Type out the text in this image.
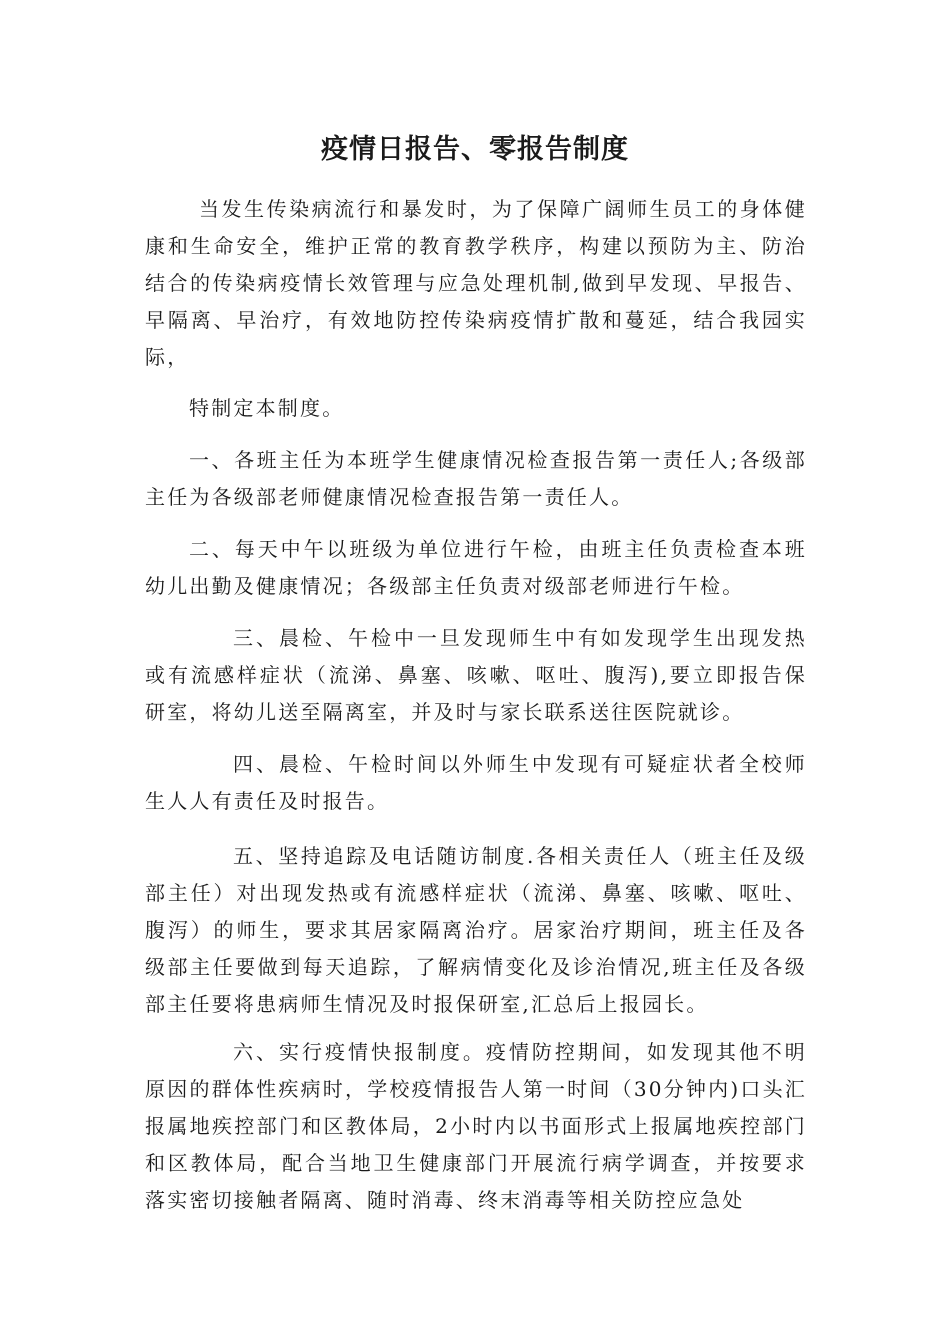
疫情日报告、零报告制度

当发生传染病流行和暴发时，为了保障广阔师生员工的身体健康和生命安全，维护正常的教育教学秩序，构建以预防为主、防治结合的传染病疫情长效管理与应急处理机制,做到早发现、早报告、早隔离、早治疗，有效地防控传染病疫情扩散和蔓延，结合我园实际，

特制定本制度。

一、各班主任为本班学生健康情况检查报告第一责任人;各级部主任为各级部老师健康情况检查报告第一责任人。

二、每天中午以班级为单位进行午检，由班主任负责检查本班幼儿出勤及健康情况；各级部主任负责对级部老师进行午检。

三、晨检、午检中一旦发现师生中有如发现学生出现发热或有流感样症状（流涕、鼻塞、咳嗽、呕吐、腹泻),要立即报告保研室，将幼儿送至隔离室，并及时与家长联系送往医院就诊。

四、晨检、午检时间以外师生中发现有可疑症状者全校师生人人有责任及时报告。

五、坚持追踪及电话随访制度.各相关责任人（班主任及级部主任）对出现发热或有流感样症状（流涕、鼻塞、咳嗽、呕吐、腹泻）的师生，要求其居家隔离治疗。居家治疗期间，班主任及各级部主任要做到每天追踪，了解病情变化及诊治情况,班主任及各级部主任要将患病师生情况及时报保研室,汇总后上报园长。

六、实行疫情快报制度。疫情防控期间，如发现其他不明原因的群体性疾病时，学校疫情报告人第一时间（30分钟内)口头汇报属地疾控部门和区教体局，2小时内以书面形式上报属地疾控部门和区教体局，配合当地卫生健康部门开展流行病学调查，并按要求落实密切接触者隔离、随时消毒、终末消毒等相关防控应急处
